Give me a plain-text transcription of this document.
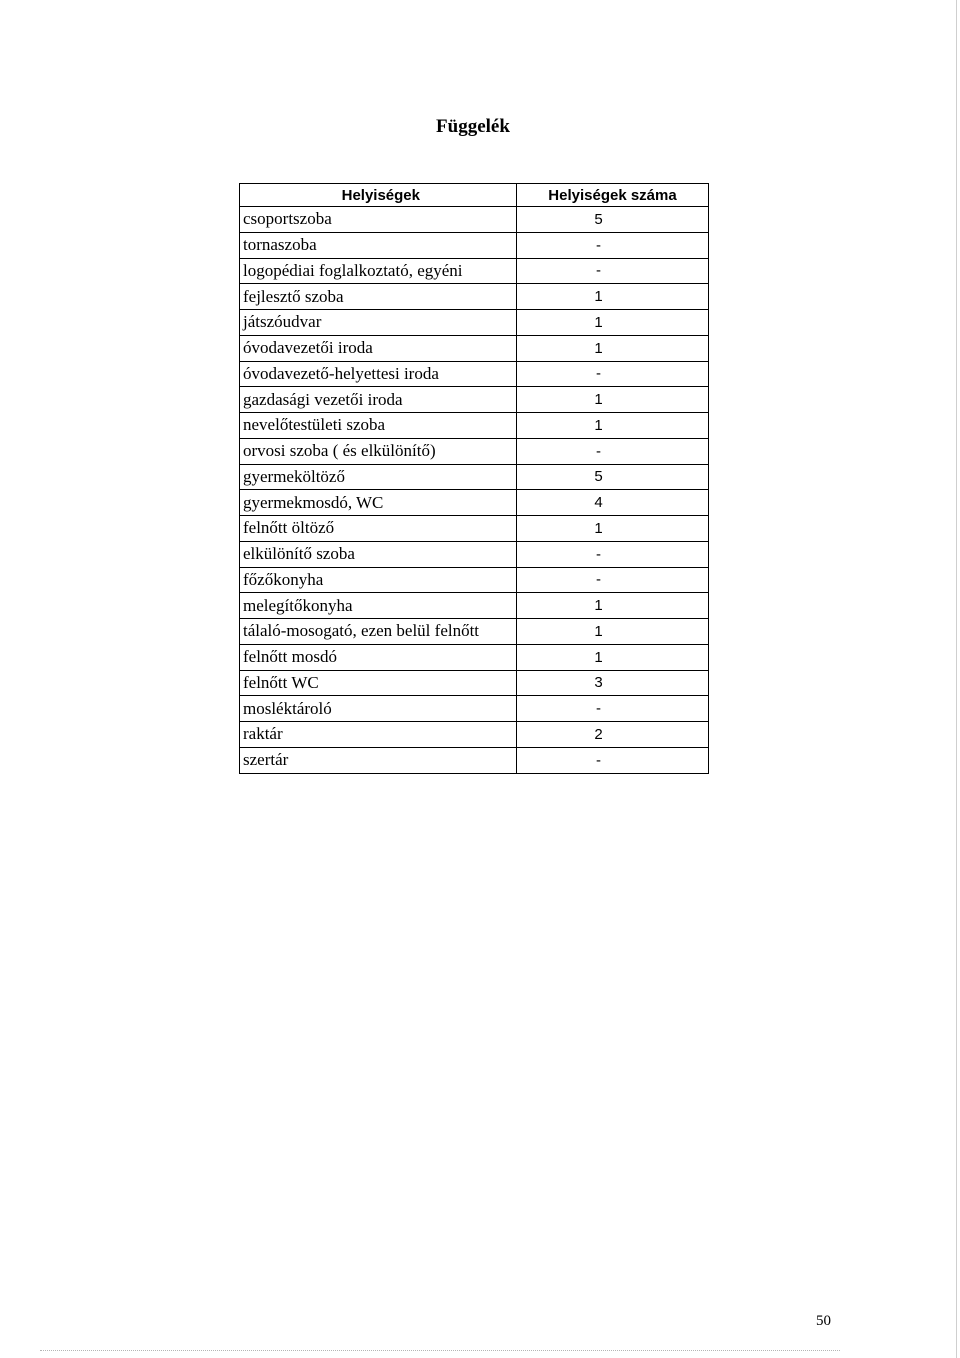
Függelék
Helyiségek	Helyiségek száma
csoportszoba	5
tornaszoba	-
logopédiai foglalkoztató, egyéni	-
fejlesztő szoba	1
játszóudvar	1
óvodavezetői iroda	1
óvodavezető-helyettesi iroda	-
gazdasági vezetői iroda	1
nevelőtestületi szoba	1
orvosi szoba ( és elkülönítő)	-
gyermeköltöző	5
gyermekmosdó, WC	4
felnőtt öltöző	1
elkülönítő szoba	-
főzőkonyha	-
melegítőkonyha	1
tálaló-mosogató, ezen belül felnőtt	1
felnőtt mosdó	1
felnőtt WC	3
mosléktároló	-
raktár	2
szertár	-
50
